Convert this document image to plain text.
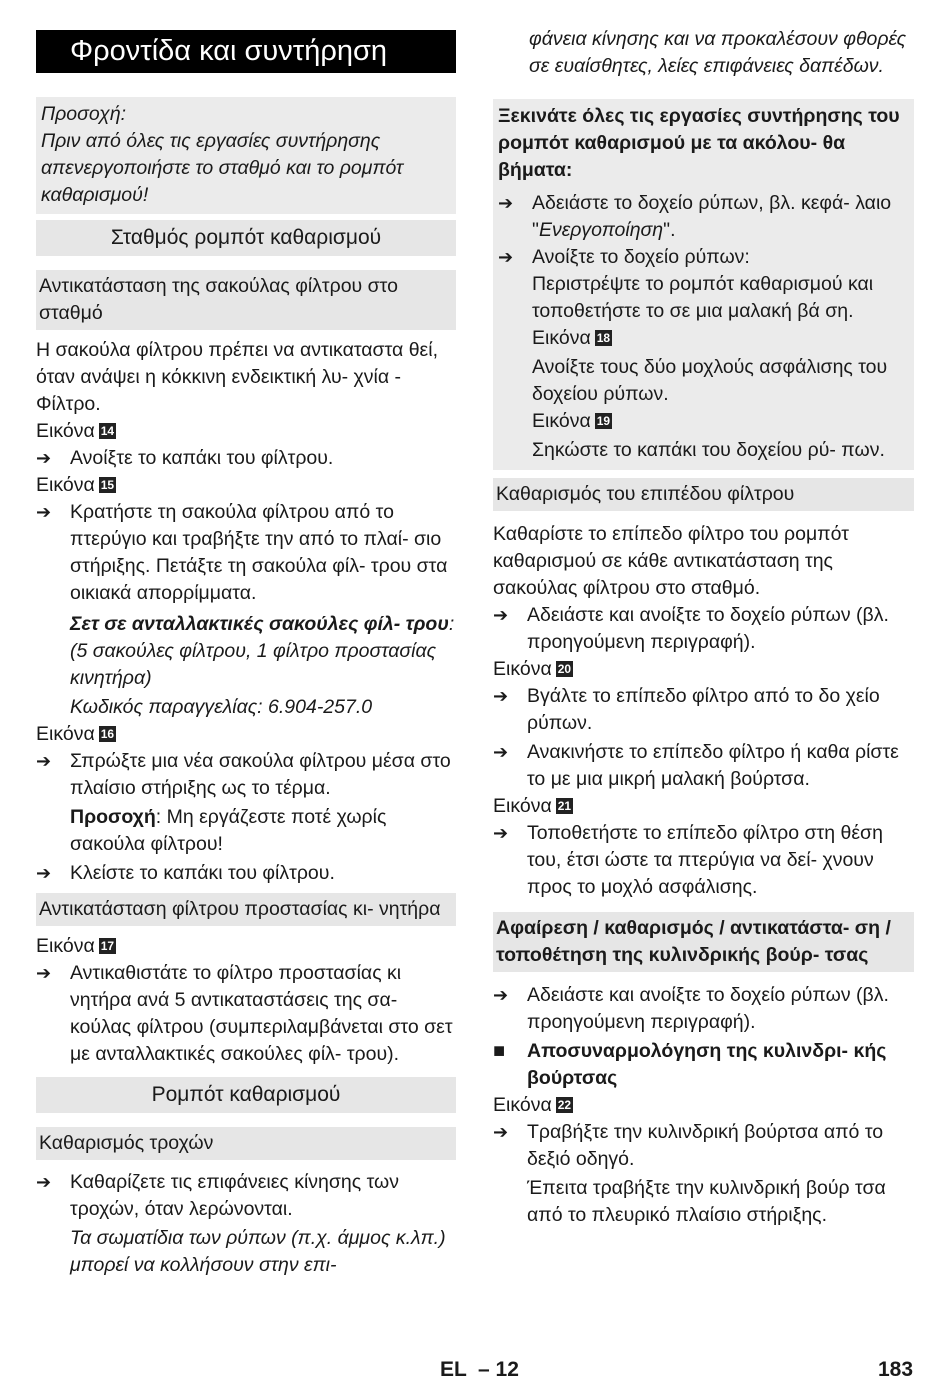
Φροντίδα και συντήρηση
Προσοχή:
Πριν από όλες τις εργασίες συντήρησης απενεργοποιήστε το σταθμό και το ρομπότ καθαρισμού!
Σταθμός ρομπότ καθαρισμού
Αντικατάσταση της σακούλας φίλτρου στο σταθμό
Η σακούλα φίλτρου πρέπει να αντικαταστα θεί, όταν ανάψει η κόκκινη ενδεικτική λυ- χνία - Φίλτρο.
Εικόνα 14
➔ Ανοίξτε το καπάκι του φίλτρου.
Εικόνα 15
➔ Κρατήστε τη σακούλα φίλτρου από το πτερύγιο και τραβήξτε την από το πλαί- σιο στήριξης. Πετάξτε τη σακούλα φίλ- τρου στα οικιακά απορρίμματα.
Σετ σε ανταλλακτικές σακούλες φίλ- τρου: (5 σακούλες φίλτρου, 1 φίλτρο προστασίας κινητήρα)
Κωδικός παραγγελίας: 6.904-257.0
Εικόνα 16
➔ Σπρώξτε μια νέα σακούλα φίλτρου μέσα στο πλαίσιο στήριξης ως το τέρμα.
Προσοχή: Μη εργάζεστε ποτέ χωρίς σακούλα φίλτρου!
➔ Κλείστε το καπάκι του φίλτρου.
Αντικατάσταση φίλτρου προστασίας κι- νητήρα
Εικόνα 17
➔ Αντικαθιστάτε το φίλτρο προστασίας κι νητήρα ανά 5 αντικαταστάσεις της σα- κούλας φίλτρου (συμπεριλαμβάνεται στο σετ με ανταλλακτικές σακούλες φίλ- τρου).
Ρομπότ καθαρισμού
Καθαρισμός τροχών
➔ Καθαρίζετε τις επιφάνειες κίνησης των τροχών, όταν λερώνονται.
Τα σωματίδια των ρύπων (π.χ. άμμος κ.λπ.) μπορεί να κολλήσουν στην επι-
φάνεια κίνησης και να προκαλέσουν φθορές σε ευαίσθητες, λείες επιφάνειες δαπέδων.
Ξεκινάτε όλες τις εργασίες συντήρησης του ρομπότ καθαρισμού με τα ακόλου- θα βήματα:
➔ Αδειάστε το δοχείο ρύπων, βλ. κεφά- λαιο "Ενεργοποίηση".
➔ Ανοίξτε το δοχείο ρύπων:
Περιστρέψτε το ρομπότ καθαρισμού και τοποθετήστε το σε μια μαλακή βά ση.
Εικόνα 18
Ανοίξτε τους δύο μοχλούς ασφάλισης του δοχείου ρύπων.
Εικόνα 19
Σηκώστε το καπάκι του δοχείου ρύ- πων.
Καθαρισμός του επιπέδου φίλτρου
Καθαρίστε το επίπεδο φίλτρο του ρομπότ καθαρισμού σε κάθε αντικατάσταση της σακούλας φίλτρου στο σταθμό.
➔ Αδειάστε και ανοίξτε το δοχείο ρύπων (βλ. προηγούμενη περιγραφή).
Εικόνα 20
➔ Βγάλτε το επίπεδο φίλτρο από το δο χείο ρύπων.
➔ Ανακινήστε το επίπεδο φίλτρο ή καθα ρίστε το με μια μικρή μαλακή βούρτσα.
Εικόνα 21
➔ Τοποθετήστε το επίπεδο φίλτρο στη θέση του, έτσι ώστε τα πτερύγια να δεί- χνουν προς το μοχλό ασφάλισης.
Αφαίρεση / καθαρισμός / αντικατάστα- ση / τοποθέτηση της κυλινδρικής βούρ- τσας
➔ Αδειάστε και ανοίξτε το δοχείο ρύπων (βλ. προηγούμενη περιγραφή).
■	Αποσυναρμολόγηση της κυλινδρι- κής βούρτσας
Εικόνα 22
➔ Τραβήξτε την κυλινδρική βούρτσα από το δεξιό οδηγό.
Έπειτα τραβήξτε την κυλινδρική βούρ τσα από το πλευρικό πλαίσιο στήριξης.
EL – 12	183
